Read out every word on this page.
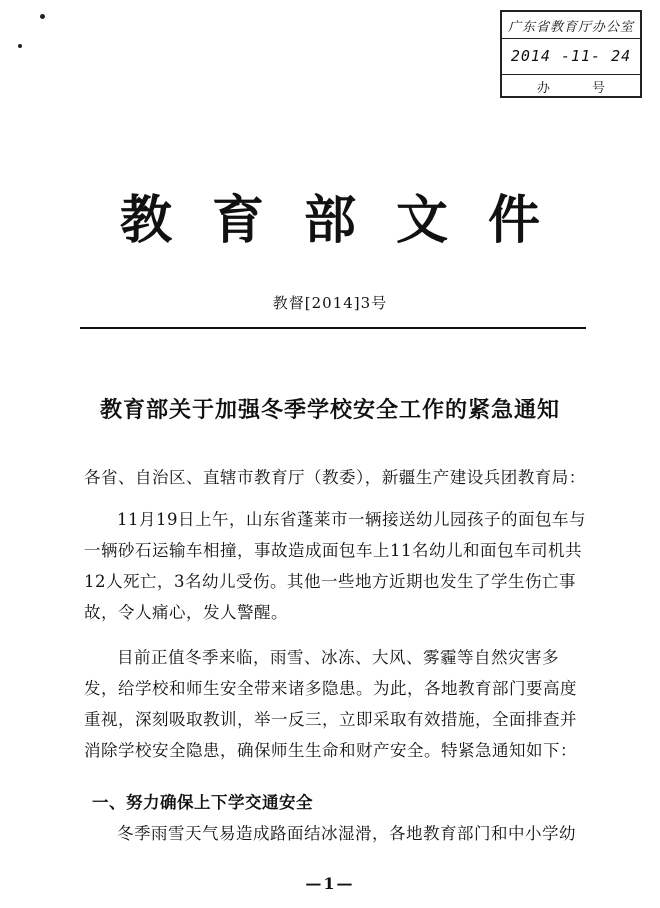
广东省教育厅办公室
2014 -11- 24
办	号
教育部文件
教督[2014]3号
教育部关于加强冬季学校安全工作的紧急通知
各省、自治区、直辖市教育厅（教委），新疆生产建设兵团教育局：
11月19日上午，山东省蓬莱市一辆接送幼儿园孩子的面包车与一辆砂石运输车相撞，事故造成面包车上11名幼儿和面包车司机共12人死亡，3名幼儿受伤。其他一些地方近期也发生了学生伤亡事故，令人痛心，发人警醒。
目前正值冬季来临，雨雪、冰冻、大风、雾霾等自然灾害多发，给学校和师生安全带来诸多隐患。为此，各地教育部门要高度重视，深刻吸取教训，举一反三，立即采取有效措施，全面排查并消除学校安全隐患，确保师生生命和财产安全。特紧急通知如下：
一、努力确保上下学交通安全
冬季雨雪天气易造成路面结冰湿滑，各地教育部门和中小学幼
—1—
